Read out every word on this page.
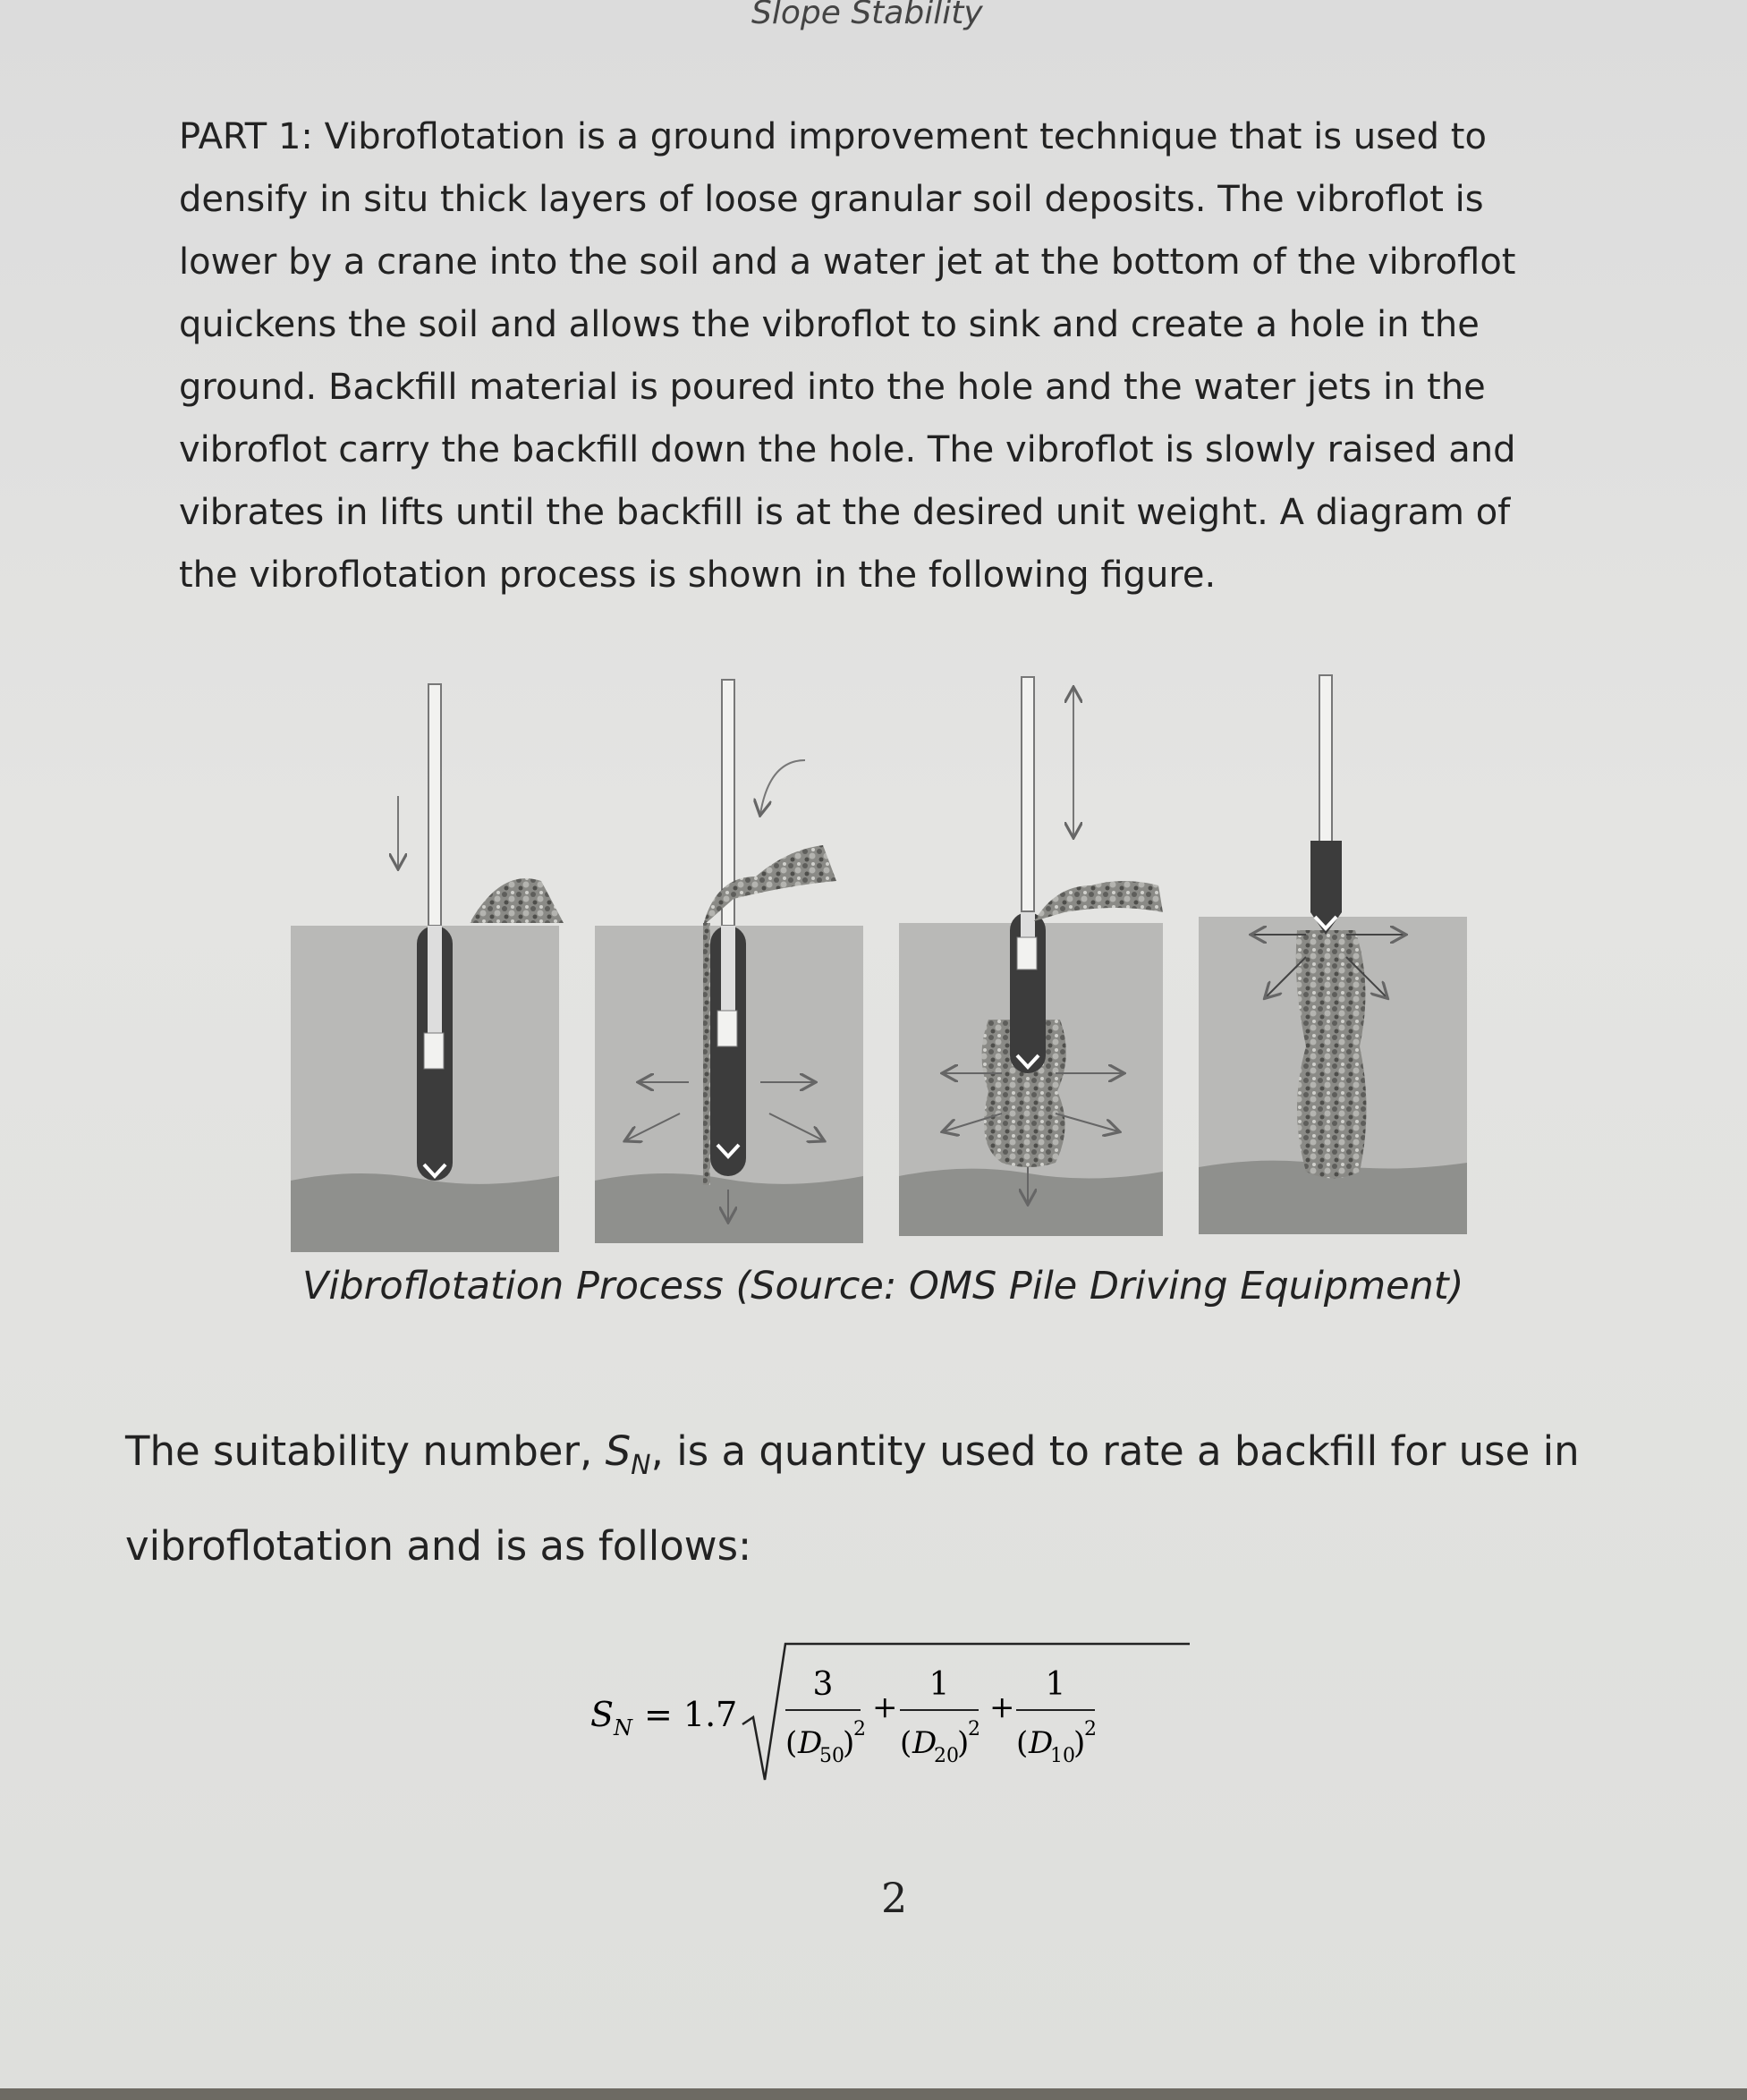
Slope Stability

PART 1: Vibroflotation is a ground improvement technique that is used to densify in situ thick layers of loose granular soil deposits. The vibroflot is lower by a crane into the soil and a water jet at the bottom of the vibroflot quickens the soil and allows the vibroflot to sink and create a hole in the ground. Backfill material is poured into the hole and the water jets in the vibroflot carry the backfill down the hole. The vibroflot is slowly raised and vibrates in lifts until the backfill is at the desired unit weight. A diagram of the vibroflotation process is shown in the following figure.

Vibroflotation Process (Source: OMS Pile Driving Equipment)

The suitability number, $S_N$, is a quantity used to rate a backfill for use in vibroflotation and is as follows:

S N = 1.7
3
( D
50
)
2
+
1
( D
20
)
2
+
1
( D
10
)
2
2
